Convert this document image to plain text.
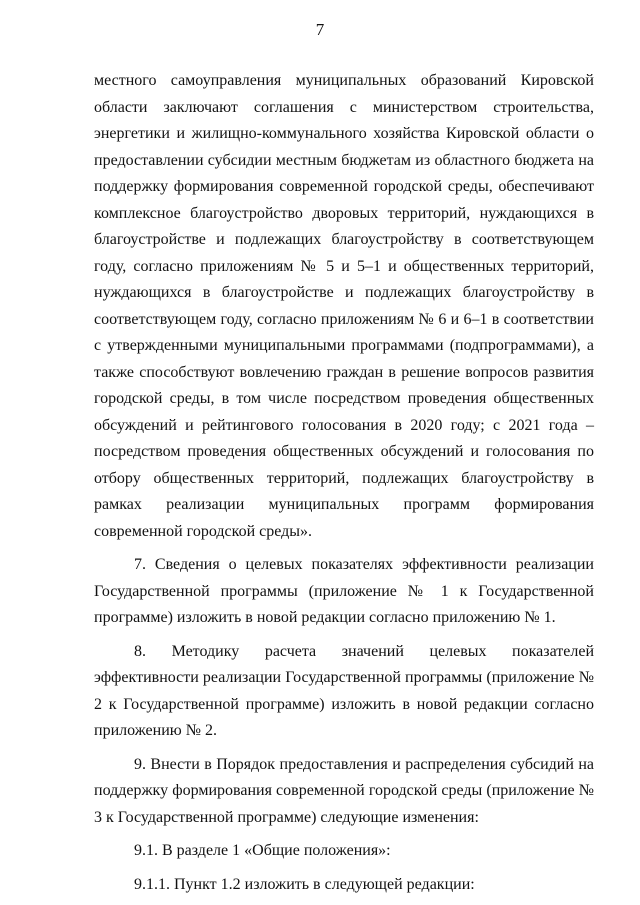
7

местного самоуправления муниципальных образований Кировской области заключают соглашения с министерством строительства, энергетики и жилищно-коммунального хозяйства Кировской области о предоставлении субсидии местным бюджетам из областного бюджета на поддержку формирования современной городской среды, обеспечивают комплексное благоустройство дворовых территорий, нуждающихся в благоустройстве и подлежащих благоустройству в соответствующем году, согласно приложениям № 5 и 5–1 и общественных территорий, нуждающихся в благоустройстве и подлежащих благоустройству в соответствующем году, согласно приложениям № 6 и 6–1 в соответствии с утвержденными муниципальными программами (подпрограммами), а также способствуют вовлечению граждан в решение вопросов развития городской среды, в том числе посредством проведения общественных обсуждений и рейтингового голосования в 2020 году; с 2021 года – посредством проведения общественных обсуждений и голосования по отбору общественных территорий, подлежащих благоустройству в рамках реализации муниципальных программ формирования современной городской среды».

7. Сведения о целевых показателях эффективности реализации Государственной программы (приложение № 1 к Государственной программе) изложить в новой редакции согласно приложению № 1.

8. Методику расчета значений целевых показателей эффективности реализации Государственной программы (приложение № 2 к Государственной программе) изложить в новой редакции согласно приложению № 2.

9. Внести в Порядок предоставления и распределения субсидий на поддержку формирования современной городской среды (приложение № 3 к Государственной программе) следующие изменения:

9.1. В разделе 1 «Общие положения»:

9.1.1. Пункт 1.2 изложить в следующей редакции:
